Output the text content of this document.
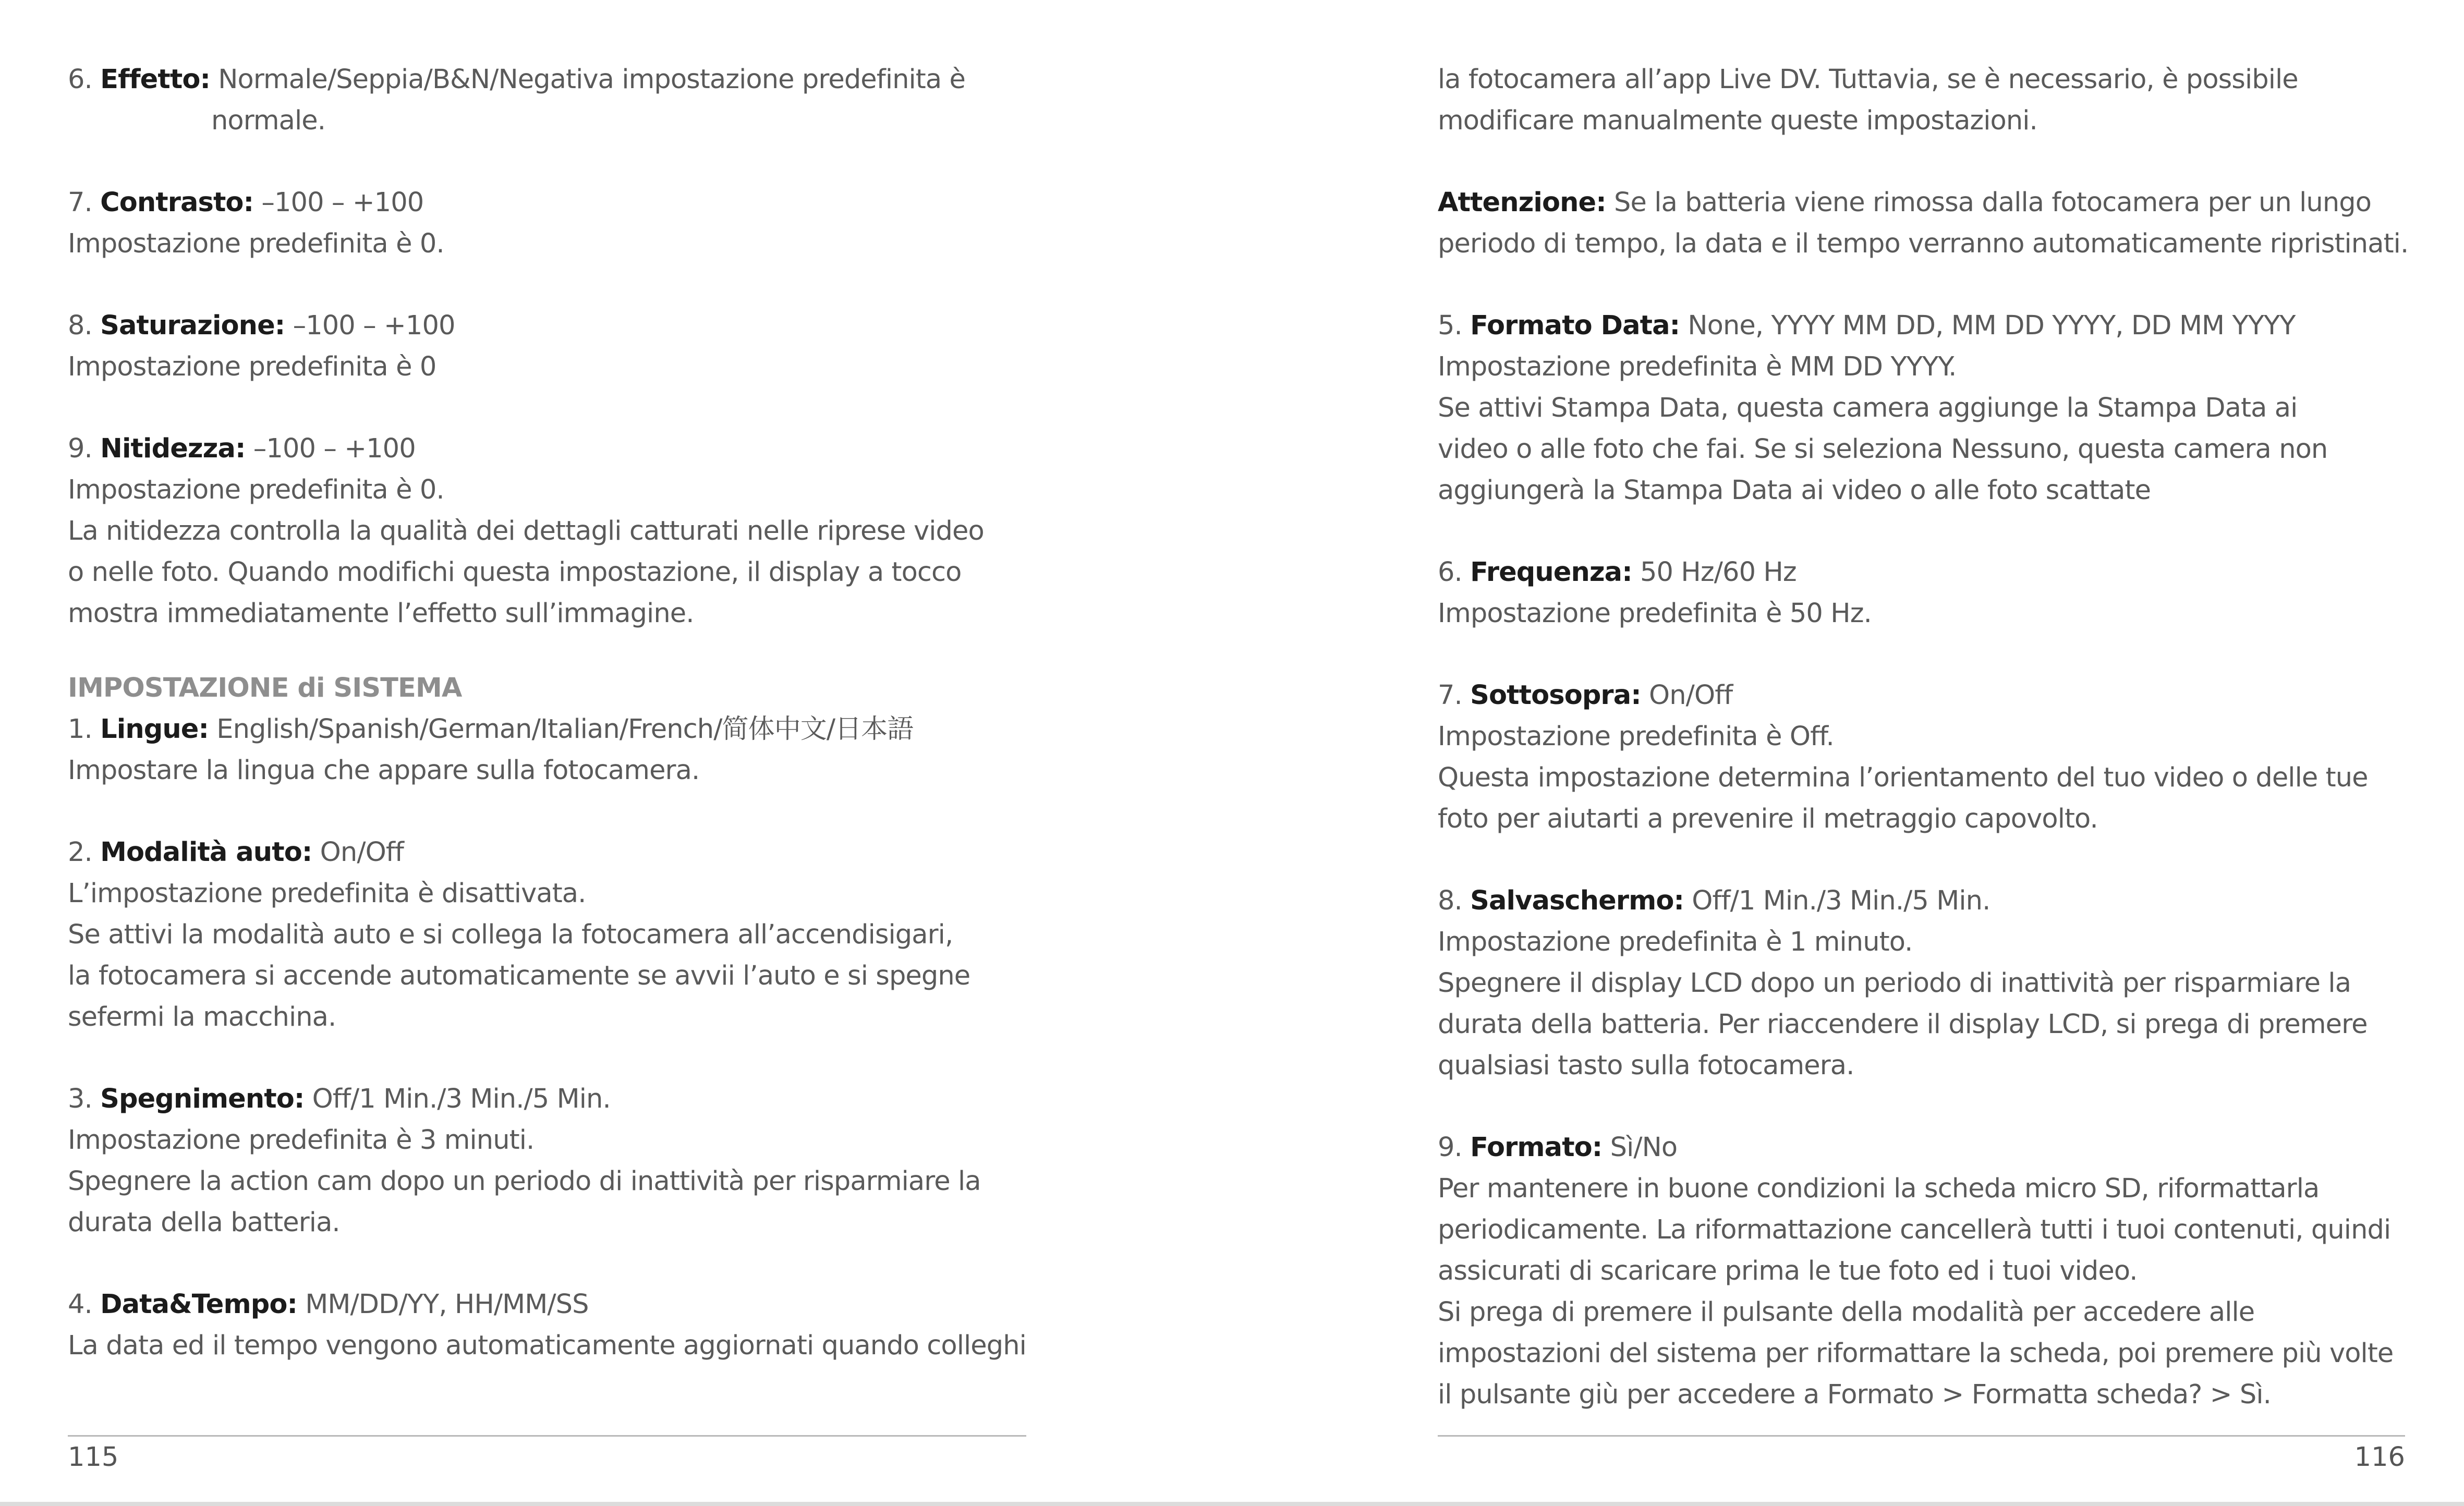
6. Effetto: Normale/Seppia/B&N/Negativa impostazione predefinita è
normale.
7. Contrasto: –100 – +100
Impostazione predefinita è 0.
8. Saturazione: –100 – +100
Impostazione predefinita è 0
9. Nitidezza: –100 – +100
Impostazione predefinita è 0.
La nitidezza controlla la qualità dei dettagli catturati nelle riprese video
o nelle foto. Quando modifichi questa impostazione, il display a tocco
mostra immediatamente l’effetto sull’immagine.
IMPOSTAZIONE di SISTEMA
1. Lingue: English/Spanish/German/Italian/French/简体中文/日本語
Impostare la lingua che appare sulla fotocamera.
2. Modalità auto: On/Off
L’impostazione predefinita è disattivata.
Se attivi la modalità auto e si collega la fotocamera all’accendisigari,
la fotocamera si accende automaticamente se avvii l’auto e si spegne
sefermi la macchina.
3. Spegnimento: Off/1 Min./3 Min./5 Min.
Impostazione predefinita è 3 minuti.
Spegnere la action cam dopo un periodo di inattività per risparmiare la
durata della batteria.
4. Data&Tempo: MM/DD/YY, HH/MM/SS
La data ed il tempo vengono automaticamente aggiornati quando colleghi
115
la fotocamera all’app Live DV. Tuttavia, se è necessario, è possibile
modificare manualmente queste impostazioni.
Attenzione: Se la batteria viene rimossa dalla fotocamera per un lungo
periodo di tempo, la data e il tempo verranno automaticamente ripristinati.
5. Formato Data: None, YYYY MM DD, MM DD YYYY, DD MM YYYY
Impostazione predefinita è MM DD YYYY.
Se attivi Stampa Data, questa camera aggiunge la Stampa Data ai
video o alle foto che fai. Se si seleziona Nessuno, questa camera non
aggiungerà la Stampa Data ai video o alle foto scattate
6. Frequenza: 50 Hz/60 Hz
Impostazione predefinita è 50 Hz.
7. Sottosopra: On/Off
Impostazione predefinita è Off.
Questa impostazione determina l’orientamento del tuo video o delle tue
foto per aiutarti a prevenire il metraggio capovolto.
8. Salvaschermo: Off/1 Min./3 Min./5 Min.
Impostazione predefinita è 1 minuto.
Spegnere il display LCD dopo un periodo di inattività per risparmiare la
durata della batteria. Per riaccendere il display LCD, si prega di premere
qualsiasi tasto sulla fotocamera.
9. Formato: Sì/No
Per mantenere in buone condizioni la scheda micro SD, riformattarla
periodicamente. La riformattazione cancellerà tutti i tuoi contenuti, quindi
assicurati di scaricare prima le tue foto ed i tuoi video.
Si prega di premere il pulsante della modalità per accedere alle
impostazioni del sistema per riformattare la scheda, poi premere più volte
il pulsante giù per accedere a Formato > Formatta scheda? > Sì.
116
